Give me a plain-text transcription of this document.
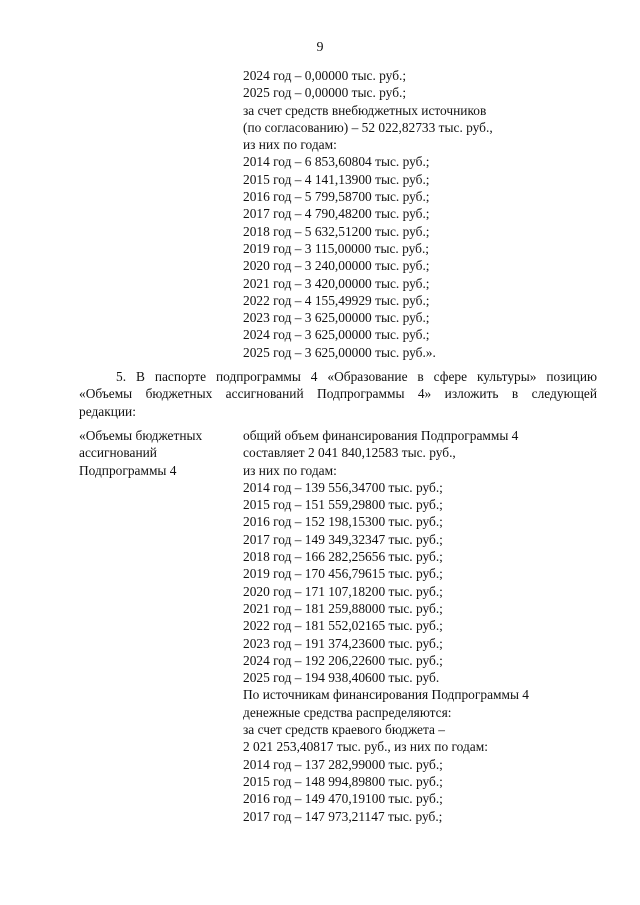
9
2024 год – 0,00000 тыс. руб.;
2025 год – 0,00000 тыс. руб.;
за счет средств внебюджетных источников
(по согласованию) – 52 022,82733 тыс. руб.,
из них по годам:
2014 год – 6 853,60804 тыс. руб.;
2015 год – 4 141,13900 тыс. руб.;
2016 год – 5 799,58700 тыс. руб.;
2017 год – 4 790,48200 тыс. руб.;
2018 год – 5 632,51200 тыс. руб.;
2019 год – 3 115,00000 тыс. руб.;
2020 год – 3 240,00000 тыс. руб.;
2021 год – 3 420,00000 тыс. руб.;
2022 год – 4 155,49929 тыс. руб.;
2023 год – 3 625,00000 тыс. руб.;
2024 год – 3 625,00000 тыс. руб.;
2025 год – 3 625,00000 тыс. руб.».
5. В паспорте подпрограммы 4 «Образование в сфере культуры» позицию
«Объемы бюджетных ассигнований Подпрограммы 4» изложить в следующей
редакции:
«Объемы бюджетных
ассигнований
Подпрограммы 4
общий объем финансирования Подпрограммы 4
составляет 2 041 840,12583 тыс. руб.,
из них по годам:
2014 год – 139 556,34700 тыс. руб.;
2015 год – 151 559,29800 тыс. руб.;
2016 год – 152 198,15300 тыс. руб.;
2017 год – 149 349,32347 тыс. руб.;
2018 год – 166 282,25656 тыс. руб.;
2019 год – 170 456,79615 тыс. руб.;
2020 год – 171 107,18200 тыс. руб.;
2021 год – 181 259,88000 тыс. руб.;
2022 год – 181 552,02165 тыс. руб.;
2023 год – 191 374,23600 тыс. руб.;
2024 год – 192 206,22600 тыс. руб.;
2025 год – 194 938,40600 тыс. руб.
По источникам финансирования Подпрограммы 4
денежные средства распределяются:
за счет средств краевого бюджета –
2 021 253,40817 тыс. руб., из них по годам:
2014 год – 137 282,99000 тыс. руб.;
2015 год – 148 994,89800 тыс. руб.;
2016 год – 149 470,19100 тыс. руб.;
2017 год – 147 973,21147 тыс. руб.;
